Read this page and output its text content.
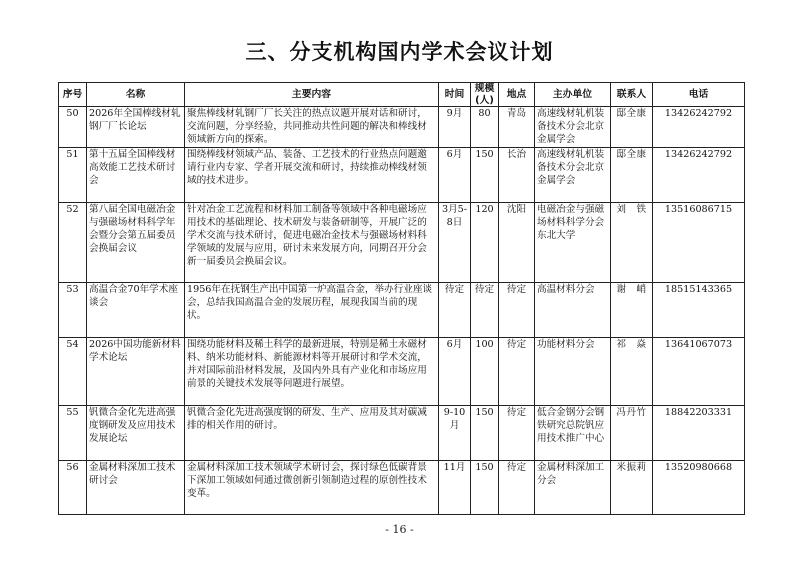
三、分支机构国内学术会议计划
序号	名称	主要内容	时间	规模(人)	地点	主办单位	联系人	电话
50	2026年全国棒线材轧钢厂厂长论坛	聚焦棒线材轧钢厂厂长关注的热点议题开展对话和研讨，交流问题，分享经验，共同推动共性问题的解决和棒线材领域新方向的探索。	9月	80	青岛	高速线材轧机装备技术分会北京金属学会	邸全康	13426242792
51	第十五届全国棒线材高效能工艺技术研讨会	围绕棒线材领域产品、装备、工艺技术的行业热点问题邀请行业内专家、学者开展交流和研讨，持续推动棒线材领域的技术进步。	6月	150	长治	高速线材轧机装备技术分会北京金属学会	邸全康	13426242792
52	第八届全国电磁冶金与强磁场材料科学年会暨分会第五届委员会换届会议	针对冶金工艺流程和材料加工制备等领域中各种电磁场应用技术的基础理论、技术研发与装备研制等，开展广泛的学术交流与技术研讨，促进电磁冶金技术与强磁场材料科学领域的发展与应用，研讨未来发展方向，同期召开分会新一届委员会换届会议。	3月5-8日	120	沈阳	电磁冶金与强磁场材料科学分会东北大学	刘　铁	13516086715
53	高温合金70年学术座谈会	1956年在抚钢生产出中国第一炉高温合金，举办行业座谈会，总结我国高温合金的发展历程，展现我国当前的现状。	待定	待定	待定	高温材料分会	谢　峭	18515143365
54	2026中国功能新材料学术论坛	围绕功能材料及稀土科学的最新进展，特别是稀土永磁材料、纳米功能材料、新能源材料等开展研讨和学术交流，并对国际前沿材料发展，及国内外具有产业化和市场应用前景的关键技术发展等问题进行展望。	6月	100	待定	功能材料分会	祁　焱	13641067073
55	钒微合金化先进高强度钢研发及应用技术发展论坛	钒微合金化先进高强度钢的研发、生产、应用及其对碳减排的相关作用的研讨。	9-10月	150	待定	低合金钢分会钢铁研究总院钒应用技术推广中心	冯丹竹	18842203331
56	金属材料深加工技术研讨会	金属材料深加工技术领域学术研讨会，探讨绿色低碳背景下深加工领域如何通过微创新引领制造过程的原创性技术变革。	11月	150	待定	金属材料深加工分会	米振莉	13520980668
- 16 -
